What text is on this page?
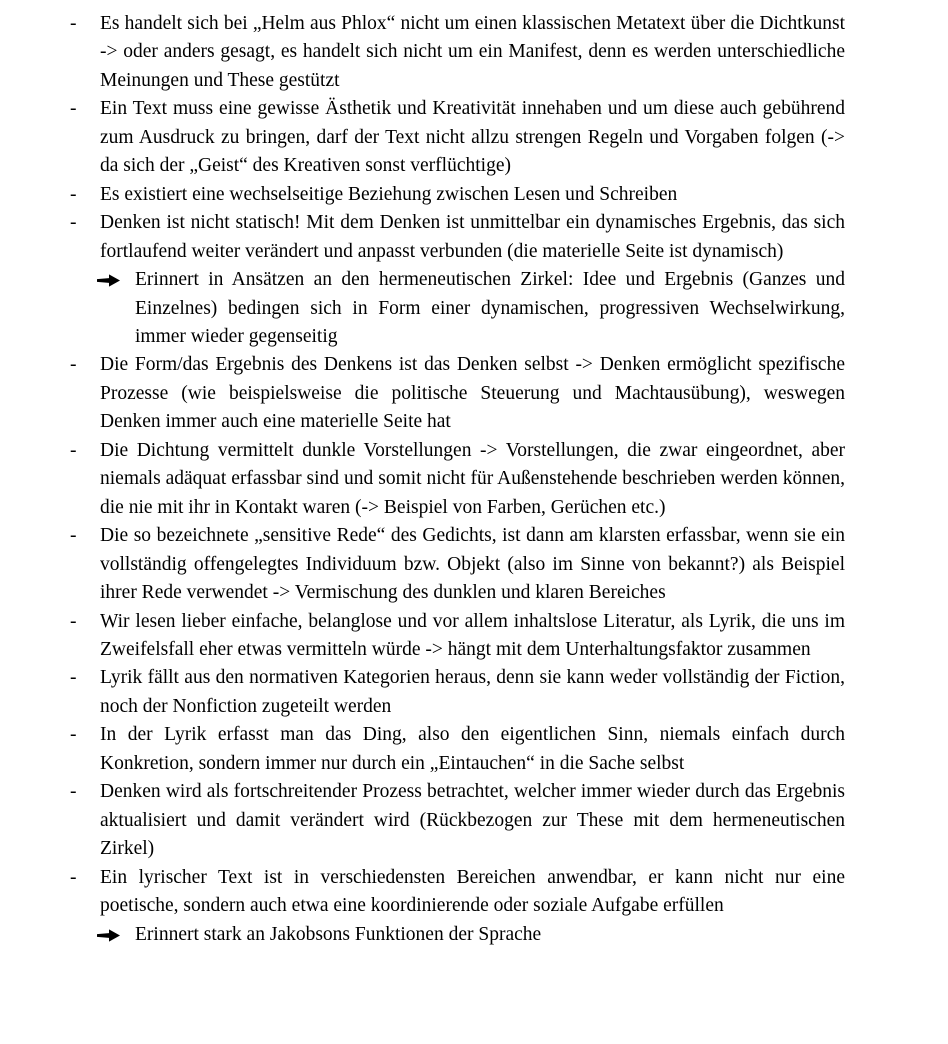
- Es handelt sich bei „Helm aus Phlox“ nicht um einen klassischen Metatext über die Dichtkunst -> oder anders gesagt, es handelt sich nicht um ein Manifest, denn es werden unterschiedliche Meinungen und These gestützt
- Ein Text muss eine gewisse Ästhetik und Kreativität innehaben und um diese auch gebührend zum Ausdruck zu bringen, darf der Text nicht allzu strengen Regeln und Vorgaben folgen (-> da sich der „Geist“ des Kreativen sonst verflüchtige)
- Es existiert eine wechselseitige Beziehung zwischen Lesen und Schreiben
- Denken ist nicht statisch! Mit dem Denken ist unmittelbar ein dynamisches Ergebnis, das sich fortlaufend weiter verändert und anpasst verbunden (die materielle Seite ist dynamisch)
Erinnert in Ansätzen an den hermeneutischen Zirkel: Idee und Ergebnis (Ganzes und Einzelnes) bedingen sich in Form einer dynamischen, progressiven Wechselwirkung, immer wieder gegenseitig
- Die Form/das Ergebnis des Denkens ist das Denken selbst -> Denken ermöglicht spezifische Prozesse (wie beispielsweise die politische Steuerung und Machtausübung), weswegen Denken immer auch eine materielle Seite hat
- Die Dichtung vermittelt dunkle Vorstellungen -> Vorstellungen, die zwar eingeordnet, aber niemals adäquat erfassbar sind und somit nicht für Außenstehende beschrieben werden können, die nie mit ihr in Kontakt waren (-> Beispiel von Farben, Gerüchen etc.)
- Die so bezeichnete „sensitive Rede“ des Gedichts, ist dann am klarsten erfassbar, wenn sie ein vollständig offengelegtes Individuum bzw. Objekt (also im Sinne von bekannt?) als Beispiel ihrer Rede verwendet -> Vermischung des dunklen und klaren Bereiches
- Wir lesen lieber einfache, belanglose und vor allem inhaltslose Literatur, als Lyrik, die uns im Zweifelsfall eher etwas vermitteln würde -> hängt mit dem Unterhaltungsfaktor zusammen
- Lyrik fällt aus den normativen Kategorien heraus, denn sie kann weder vollständig der Fiction, noch der Nonfiction zugeteilt werden
- In der Lyrik erfasst man das Ding, also den eigentlichen Sinn, niemals einfach durch Konkretion, sondern immer nur durch ein „Eintauchen“ in die Sache selbst
- Denken wird als fortschreitender Prozess betrachtet, welcher immer wieder durch das Ergebnis aktualisiert und damit verändert wird (Rückbezogen zur These mit dem hermeneutischen Zirkel)
- Ein lyrischer Text ist in verschiedensten Bereichen anwendbar, er kann nicht nur eine poetische, sondern auch etwa eine koordinierende oder soziale Aufgabe erfüllen
Erinnert stark an Jakobsons Funktionen der Sprache
